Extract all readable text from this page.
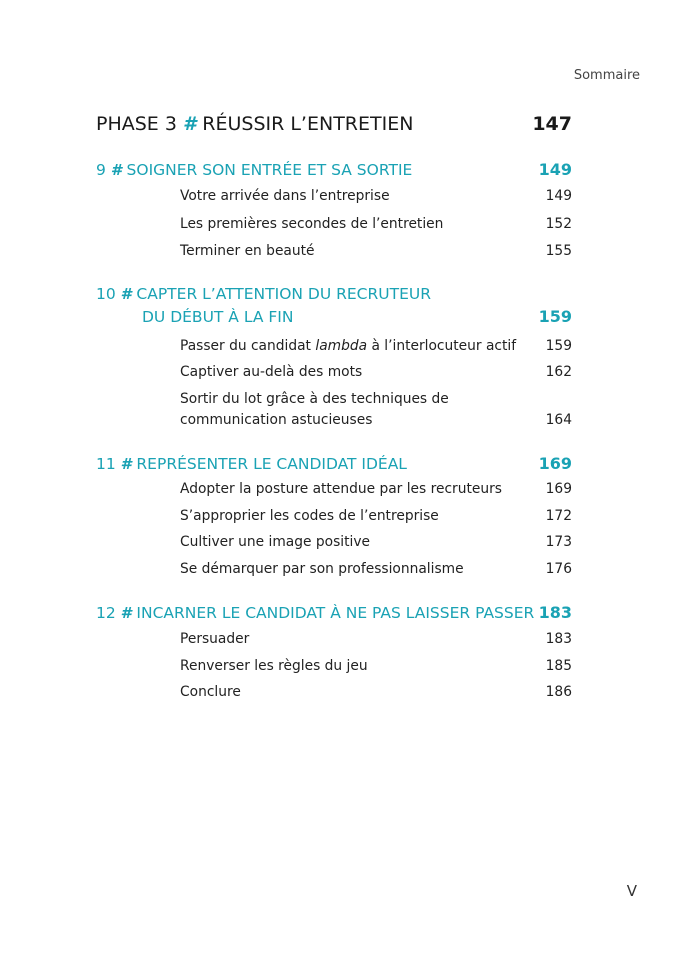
Sommaire
PHASE 3 # RÉUSSIR L’ENTRETIEN	147
9 # SOIGNER SON ENTRÉE ET SA SORTIE	149
Votre arrivée dans l’entreprise	149
Les premières secondes de l’entretien	152
Terminer en beauté	155
10 # CAPTER L’ATTENTION DU RECRUTEUR
DU DÉBUT À LA FIN	159
Passer du candidat lambda à l’interlocuteur actif 159
Captiver au-delà des mots	162
Sortir du lot grâce à des techniques de communication astucieuses	164
11 # REPRÉSENTER LE CANDIDAT IDÉAL	169
Adopter la posture attendue par les recruteurs	169
S’approprier les codes de l’entreprise	172
Cultiver une image positive	173
Se démarquer par son professionnalisme	176
12 # INCARNER LE CANDIDAT À NE PAS LAISSER PASSER 183
Persuader	183
Renverser les règles du jeu	185
Conclure	186
V
